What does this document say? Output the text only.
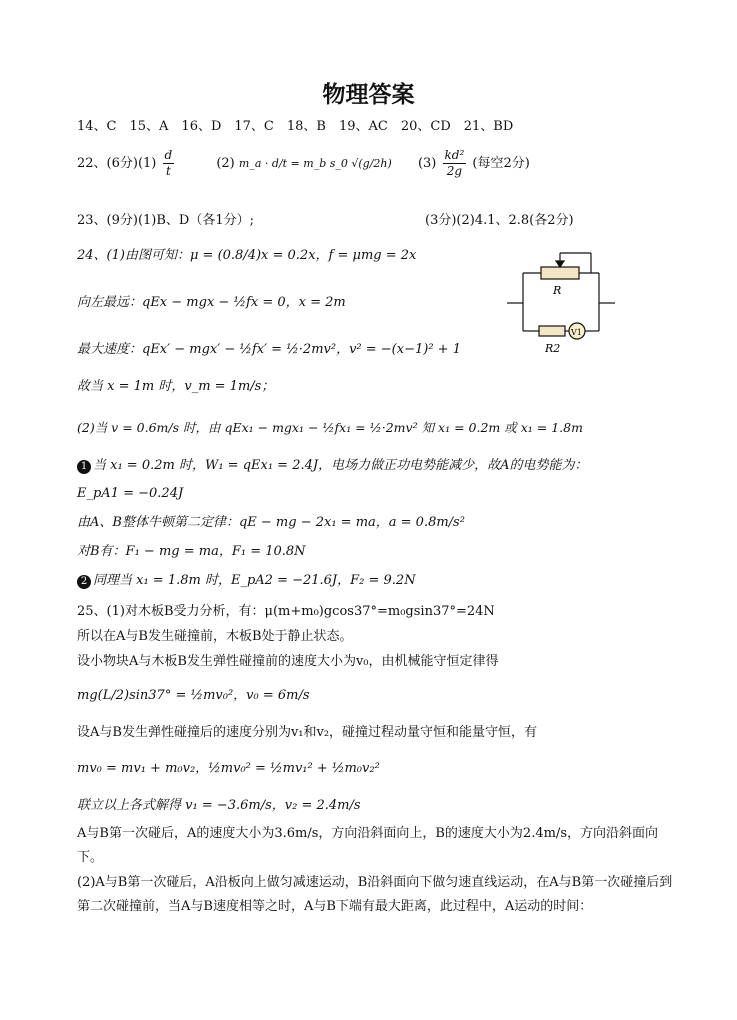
物理答案
14、C　15、A　16、D　17、C　18、B　19、AC　20、CD　21、BD
22、(6分)$(1) \frac{d}{t}$	(2) m_a · d/t = m_b s_0 √(g/2h) $(3) \frac{\text{kd²}}{2g}$ (每空2分)
23、(9分)(1)B、D（各1分）;	(3分)(2)4.1、2.8(各2分)
24、(1)由图可知：μ = (0.8/4)x = 0.2x，f = μmg = 2x
向左最远：qEx − mgx − ½fx = 0，x = 2m
最大速度：qEx′ − mgx′ − ½fx′ = ½·2mv²，v² = −(x−1)² + 1
故当 x = 1m 时，v_m = 1m/s；
(2)当 v = 0.6m/s 时，由 qEx₁ − mgx₁ − ½fx₁ = ½·2mv² 知 x₁ = 0.2m 或 x₁ = 1.8m
1 当 x₁ = 0.2m 时，W₁ = qEx₁ = 2.4J，电场力做正功电势能减少，故A的电势能为：
E_pA1 = −0.24J
由A、B整体牛顿第二定律：qE − mg − 2x₁ = ma，a = 0.8m/s²
对B有：F₁ − mg = ma，F₁ = 10.8N
2 同理当 x₁ = 1.8m 时，E_pA2 = −21.6J，F₂ = 9.2N
R
R2
V1
25、(1)对木板B受力分析，有：μ(m+m₀)gcos37°=m₀gsin37°=24N
所以在A与B发生碰撞前，木板B处于静止状态。
设小物块A与木板B发生弹性碰撞前的速度大小为v₀，由机械能守恒定律得
mg(L/2)sin37° = ½mv₀²，v₀ = 6m/s
设A与B发生弹性碰撞后的速度分别为v₁和v₂，碰撞过程动量守恒和能量守恒，有
mv₀ = mv₁ + m₀v₂，½mv₀² = ½mv₁² + ½m₀v₂²
联立以上各式解得 v₁ = −3.6m/s，v₂ = 2.4m/s
A与B第一次碰后，A的速度大小为3.6m/s，方向沿斜面向上，B的速度大小为2.4m/s，方向沿斜面向下。
(2)A与B第一次碰后，A沿板向上做匀减速运动，B沿斜面向下做匀速直线运动，在A与B第一次碰撞后到第二次碰撞前，当A与B速度相等之时，A与B下端有最大距离，此过程中，A运动的时间：
